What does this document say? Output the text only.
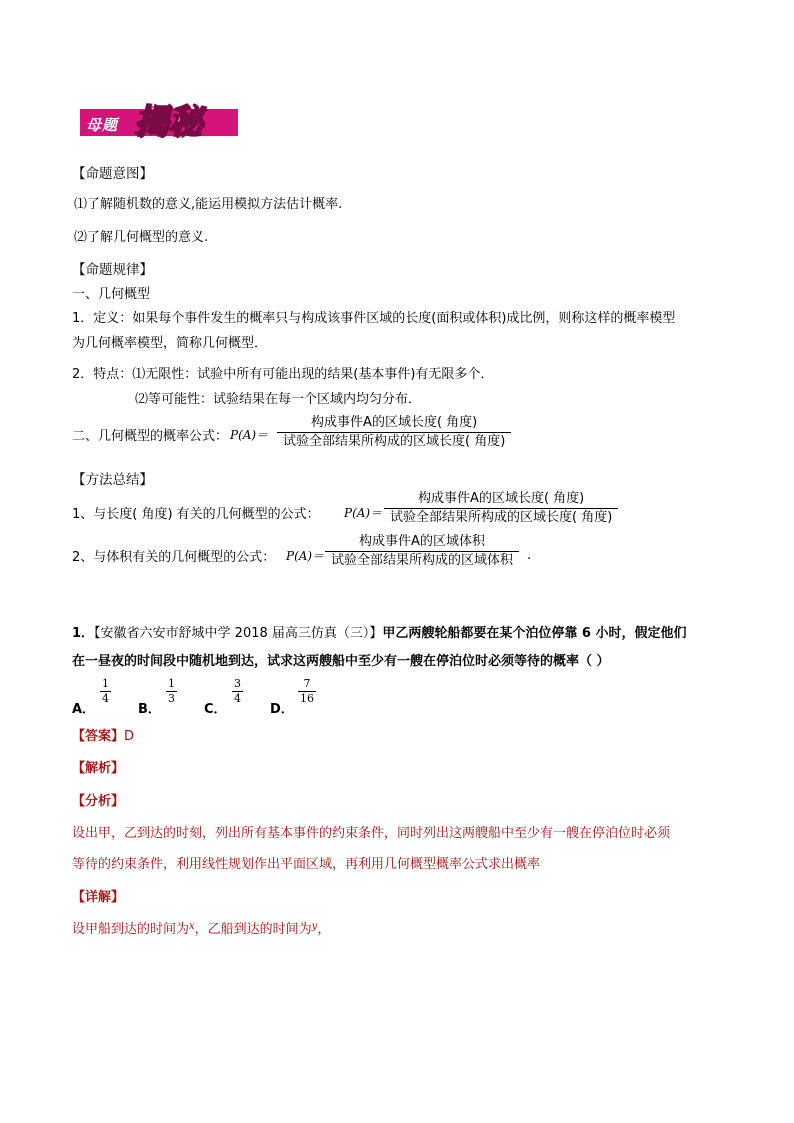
母题 揭秘
【命题意图】
⑴了解随机数的意义,能运用模拟方法估计概率.
⑵了解几何概型的意义.
【命题规律】
一、几何概型
1．定义：如果每个事件发生的概率只与构成该事件区域的长度(面积或体积)成比例，则称这样的概率模型
为几何概率模型，简称几何概型．
2．特点：⑴无限性：试验中所有可能出现的结果(基本事件)有无限多个．
⑵等可能性：试验结果在每一个区域内均匀分布．
二、几何概型的概率公式： P(A)＝
构成事件A的区域长度( 角度)
试验全部结果所构成的区域长度( 角度)
【方法总结】
1、与长度( 角度) 有关的几何概型的公式： P(A)＝
构成事件A的区域长度( 角度)
试验全部结果所构成的区域长度( 角度)
2、与体积有关的几何概型的公式： P(A)＝
构成事件A的区域体积
试验全部结果所构成的区域体积	.
1．【安徽省六安市舒城中学 2018 届高三仿真（三）】甲乙两艘轮船都要在某个泊位停靠 6 小时，假定他们
在一昼夜的时间段中随机地到达，试求这两艘船中至少有一艘在停泊位时必须等待的概率（ ）
A．
$\frac{1}{4}$
B．
$\frac{1}{3}$
C．
$\frac{3}{4}$
D．
$\frac{7}{16}$
【答案】D
【解析】
【分析】
设出甲，乙到达的时刻，列出所有基本事件的约束条件，同时列出这两艘船中至少有一艘在停泊位时必须
等待的约束条件，利用线性规划作出平面区域，再利用几何概型概率公式求出概率
【详解】
设甲船到达的时间为$^x$，乙船到达的时间为$^y$，
